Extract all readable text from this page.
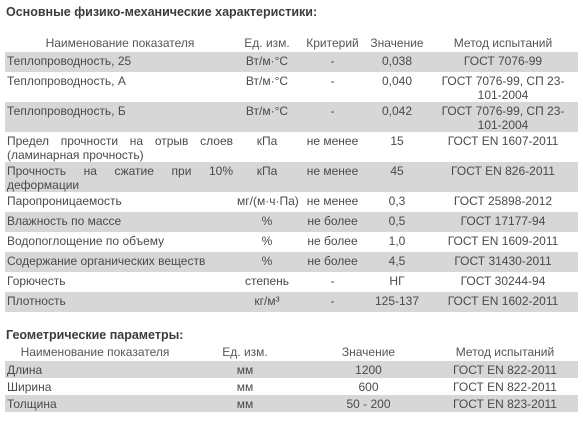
Основные физико-механические характеристики:
Наименование показателя	Ед. изм.	Критерий	Значение	Метод испытаний
Теплопроводность, 25	Вт/м·°С	-	0,038	ГОСТ 7076-99
Теплопроводность, А	Вт/м·°С	-	0,040	ГОСТ 7076-99, СП 23-101-2004
Теплопроводность, Б	Вт/м·°С	-	0,042	ГОСТ 7076-99, СП 23-101-2004
Предел прочности на отрыв слоев (ламинарная прочность)	кПа	не менее	15	ГОСТ EN 1607-2011
Прочность на сжатие при 10% деформации	кПа	не менее	45	ГОСТ EN 826-2011
Паропроницаемость	мг/(м·ч·Па)	не менее	0,3	ГОСТ 25898-2012
Влажность по массе	%	не более	0,5	ГОСТ 17177-94
Водопоглощение по объему	%	не более	1,0	ГОСТ EN 1609-2011
Содержание органических веществ	%	не более	4,5	ГОСТ 31430-2011
Горючесть	степень	-	НГ	ГОСТ 30244-94
Плотность	кг/м³	-	125-137	ГОСТ EN 1602-2011
Геометрические параметры:
Наименование показателя	Ед. изм.	Значение	Метод испытаний
Длина	мм	1200	ГОСТ EN 822-2011
Ширина	мм	600	ГОСТ EN 822-2011
Толщина	мм	50 - 200	ГОСТ EN 823-2011
